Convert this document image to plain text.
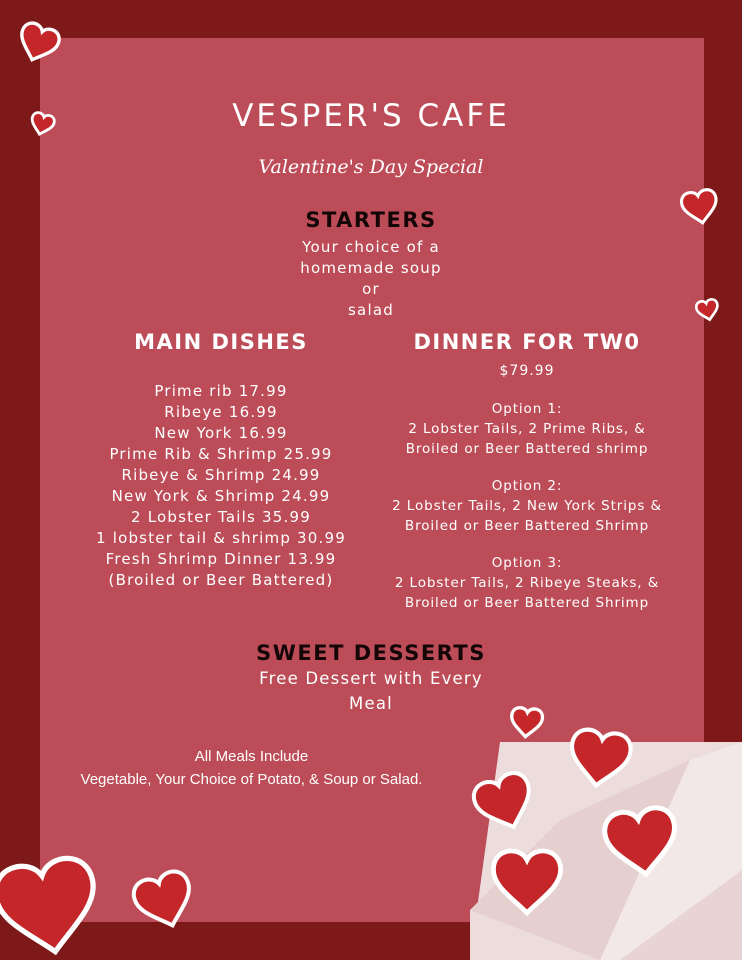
VESPER'S CAFE
Valentine's Day Special
STARTERS
Your choice of a
homemade soup
or
salad
MAIN DISHES
Prime rib 17.99
Ribeye 16.99
New York 16.99
Prime Rib & Shrimp 25.99
Ribeye & Shrimp 24.99
New York & Shrimp 24.99
2 Lobster Tails 35.99
1 lobster tail & shrimp 30.99
Fresh Shrimp Dinner 13.99
(Broiled or Beer Battered)
DINNER FOR TW0
$79.99
Option 1:
2 Lobster Tails, 2 Prime Ribs, &
Broiled or Beer Battered shrimp
Option 2:
2 Lobster Tails, 2 New York Strips &
Broiled or Beer Battered Shrimp
Option 3:
2 Lobster Tails, 2 Ribeye Steaks, &
Broiled or Beer Battered Shrimp
SWEET DESSERTS
Free Dessert with Every
Meal
All Meals Include
Vegetable, Your Choice of Potato, & Soup or Salad.
